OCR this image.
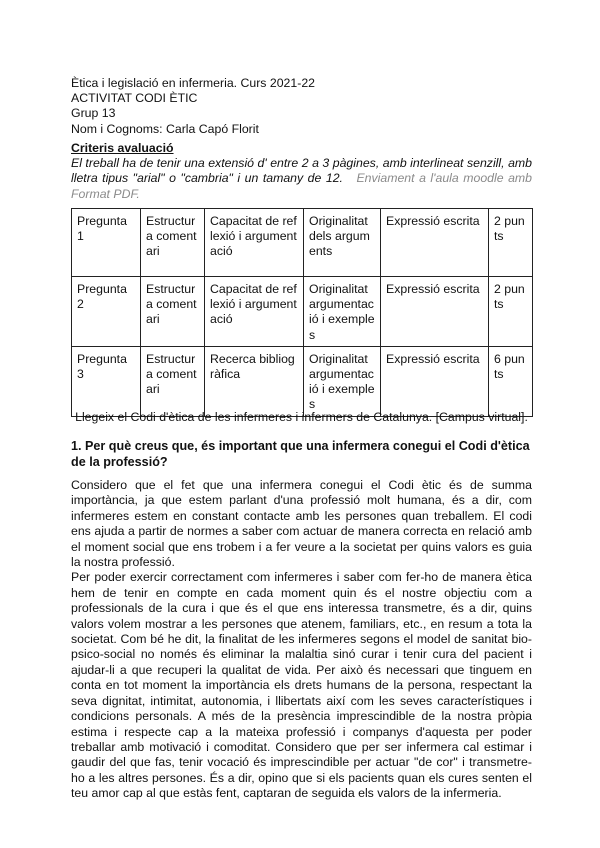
Ètica i legislació en infermeria. Curs 2021-22
ACTIVITAT CODI ÈTIC
Grup 13
Nom i Cognoms: Carla Capó Florit
Criteris avaluació
El treball ha de tenir una extensió d' entre 2 a 3 pàgines, amb interlineat senzill, amb lletra tipus "arial" o "cambria" i un tamany de 12. Enviament a l'aula moodle amb Format PDF.
Pregunta 1	Estructura comentari	Capacitat de reflexió i argumentació	Originalitat dels arguments	Expressió escrita	2 punts
Pregunta 2	Estructura comentari	Capacitat de reflexió i argumentació	Originalitat argumentació i exemples	Expressió escrita	2 punts
Pregunta 3	Estructura comentari	Recerca bibliogràfica	Originalitat argumentació i exemples	Expressió escrita	6 punts
Llegeix el Codi d'ètica de les infermeres i infermers de Catalunya. [Campus virtual].
1. Per què creus que, és important que una infermera conegui el Codi d'ètica de la professió?

Considero que el fet que una infermera conegui el Codi ètic és de summa importància, ja que estem parlant d'una professió molt humana, és a dir, com infermeres estem en constant contacte amb les persones quan treballem. El codi ens ajuda a partir de normes a saber com actuar de manera correcta en relació amb el moment social que ens trobem i a fer veure a la societat per quins valors es guia la nostra professió.

Per poder exercir correctament com infermeres i saber com fer-ho de manera ètica hem de tenir en compte en cada moment quin és el nostre objectiu com a professionals de la cura i que és el que ens interessa transmetre, és a dir, quins valors volem mostrar a les persones que atenem, familiars, etc., en resum a tota la societat. Com bé he dit, la finalitat de les infermeres segons el model de sanitat bio-psico-social no només és eliminar la malaltia sinó curar i tenir cura del pacient i ajudar-li a que recuperi la qualitat de vida. Per això és necessari que tinguem en conta en tot moment la importància els drets humans de la persona, respectant la seva dignitat, intimitat, autonomia, i llibertats així com les seves característiques i condicions personals. A més de la presència imprescindible de la nostra pròpia estima i respecte cap a la mateixa professió i companys d'aquesta per poder treballar amb motivació i comoditat. Considero que per ser infermera cal estimar i gaudir del que fas, tenir vocació és imprescindible per actuar "de cor" i transmetre-ho a les altres persones. És a dir, opino que si els pacients quan els cures senten el teu amor cap al que estàs fent, captaran de seguida els valors de la infermeria.
